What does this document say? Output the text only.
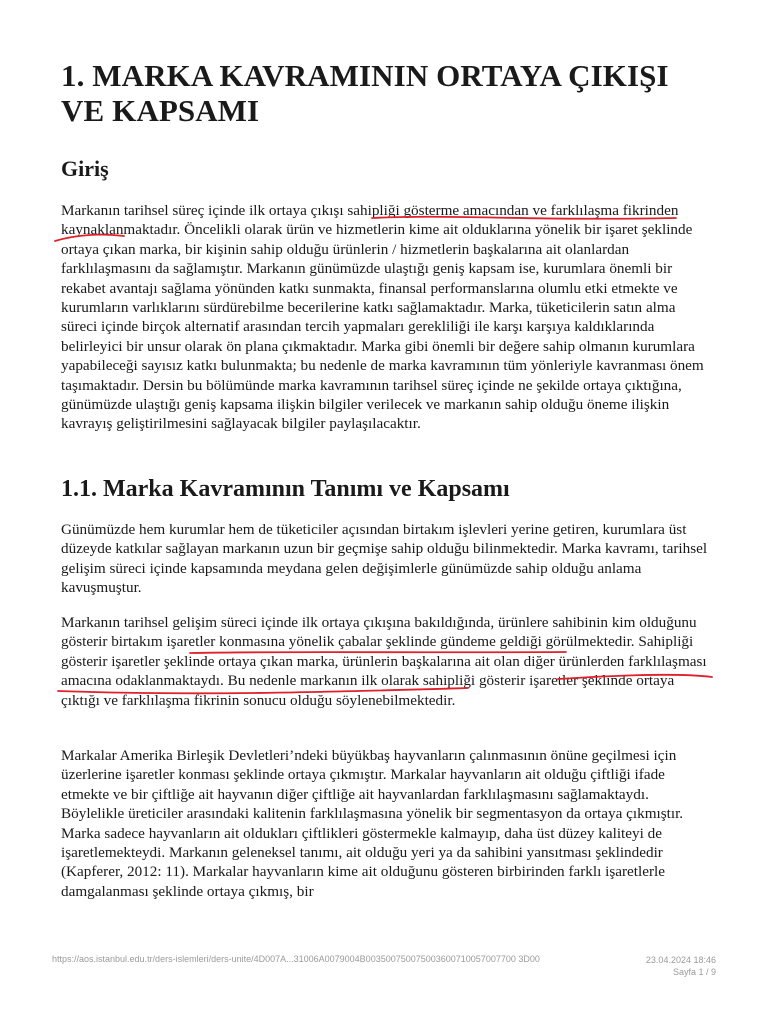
1. MARKA KAVRAMININ ORTAYA ÇIKIŞI VE KAPSAMI
Giriş

Markanın tarihsel süreç içinde ilk ortaya çıkışı sahipliği gösterme amacından ve farklılaşma fikrinden kaynaklanmaktadır. Öncelikli olarak ürün ve hizmetlerin kime ait olduklarına yönelik bir işaret şeklinde ortaya çıkan marka, bir kişinin sahip olduğu ürünlerin / hizmetlerin başkalarına ait olanlardan farklılaşmasını da sağlamıştır. Markanın günümüzde ulaştığı geniş kapsam ise, kurumlara önemli bir rekabet avantajı sağlama yönünden katkı sunmakta, finansal performanslarına olumlu etki etmekte ve kurumların varlıklarını sürdürebilme becerilerine katkı sağlamaktadır. Marka, tüketicilerin satın alma süreci içinde birçok alternatif arasından tercih yapmaları gerekliliği ile karşı karşıya kaldıklarında belirleyici bir unsur olarak ön plana çıkmaktadır. Marka gibi önemli bir değere sahip olmanın kurumlara yapabileceği sayısız katkı bulunmakta; bu nedenle de marka kavramının tüm yönleriyle kavranması önem taşımaktadır. Dersin bu bölümünde marka kavramının tarihsel süreç içinde ne şekilde ortaya çıktığına, günümüzde ulaştığı geniş kapsama ilişkin bilgiler verilecek ve markanın sahip olduğu öneme ilişkin kavrayış geliştirilmesini sağlayacak bilgiler paylaşılacaktır.

1.1. Marka Kavramının Tanımı ve Kapsamı

Günümüzde hem kurumlar hem de tüketiciler açısından birtakım işlevleri yerine getiren, kurumlara üst düzeyde katkılar sağlayan markanın uzun bir geçmişe sahip olduğu bilinmektedir. Marka kavramı, tarihsel gelişim süreci içinde kapsamında meydana gelen değişimlerle günümüzde sahip olduğu anlama kavuşmuştur.

Markanın tarihsel gelişim süreci içinde ilk ortaya çıkışına bakıldığında, ürünlere sahibinin kim olduğunu gösterir birtakım işaretler konmasına yönelik çabalar şeklinde gündeme geldiği görülmektedir. Sahipliği gösterir işaretler şeklinde ortaya çıkan marka, ürünlerin başkalarına ait olan diğer ürünlerden farklılaşması amacına odaklanmaktaydı. Bu nedenle markanın ilk olarak sahipliği gösterir işaretler şeklinde ortaya çıktığı ve farklılaşma fikrinin sonucu olduğu söylenebilmektedir.

Markalar Amerika Birleşik Devletleri’ndeki büyükbaş hayvanların çalınmasının önüne geçilmesi için üzerlerine işaretler konması şeklinde ortaya çıkmıştır. Markalar hayvanların ait olduğu çiftliği ifade etmekte ve bir çiftliğe ait hayvanın diğer çiftliğe ait hayvanlardan farklılaşmasını sağlamaktaydı. Böylelikle üreticiler arasındaki kalitenin farklılaşmasına yönelik bir segmentasyon da ortaya çıkmıştır. Marka sadece hayvanların ait oldukları çiftlikleri göstermekle kalmayıp, daha üst düzey kaliteyi de işaretlemekteydi. Markanın geleneksel tanımı, ait olduğu yeri ya da sahibini yansıtması şeklindedir (Kapferer, 2012: 11). Markalar hayvanların kime ait olduğunu gösteren birbirinden farklı işaretlerle damgalanması şeklinde ortaya çıkmış, bir

https://aos.istanbul.edu.tr/ders-islemleri/ders-unite/4D007A...31006A0079004B003500750075003600710057007700 3D00	23.04.2024 18:46
Sayfa 1 / 9
